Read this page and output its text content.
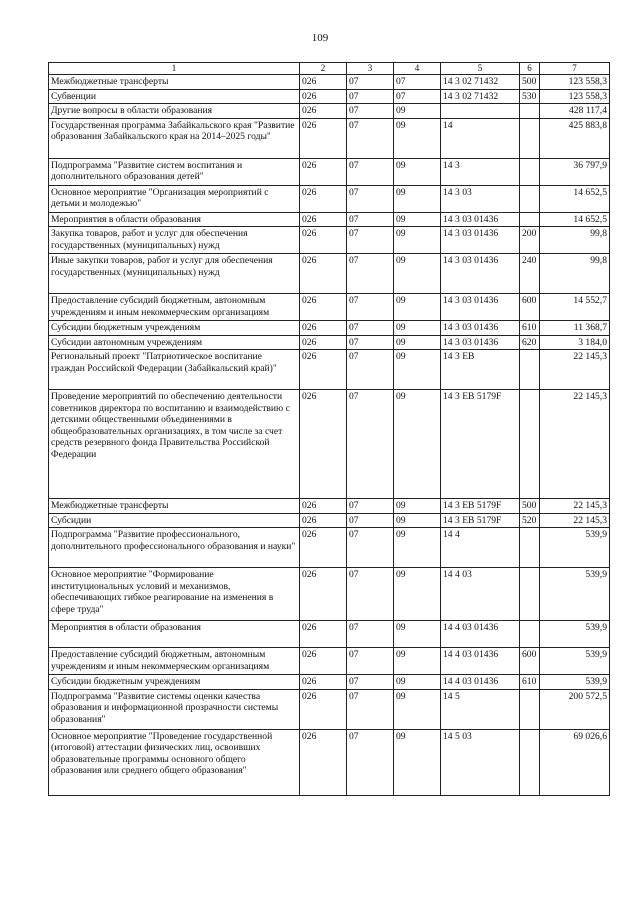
109
1	2	3	4	5	6	7
Межбюджетные трансферты	026	07	07	14 3 02 71432	500	123 558,3
Субвенции	026	07	07	14 3 02 71432	530	123 558,3
Другие вопросы в области образования	026	07	09			428 117,4
Государственная программа Забайкальского края "Развитие образования Забайкальского края на 2014–2025 годы"	026	07	09	14		425 883,8
Подпрограмма "Развитие систем воспитания и дополнительного образования детей"	026	07	09	14 3		36 797,9
Основное мероприятие "Организация мероприятий с детьми и молодежью"	026	07	09	14 3 03		14 652,5
Мероприятия в области образования	026	07	09	14 3 03 01436		14 652,5
Закупка товаров, работ и услуг для обеспечения государственных (муниципальных) нужд	026	07	09	14 3 03 01436	200	99,8
Иные закупки товаров, работ и услуг для обеспечения государственных (муниципальных) нужд	026	07	09	14 3 03 01436	240	99,8
Предоставление субсидий бюджетным, автономным учреждениям и иным некоммерческим организациям	026	07	09	14 3 03 01436	600	14 552,7
Субсидии бюджетным учреждениям	026	07	09	14 3 03 01436	610	11 368,7
Субсидии автономным учреждениям	026	07	09	14 3 03 01436	620	3 184,0
Региональный проект "Патриотическое воспитание граждан Российской Федерации (Забайкальский край)"	026	07	09	14 3 EB		22 145,3
Проведение мероприятий по обеспечению деятельности советников директора по воспитанию и взаимодействию с детскими общественными объединениями в общеобразовательных организациях, в том числе за счет средств резервного фонда Правительства Российской Федерации	026	07	09	14 3 EB 5179F		22 145,3
Межбюджетные трансферты	026	07	09	14 3 EB 5179F	500	22 145,3
Субсидии	026	07	09	14 3 EB 5179F	520	22 145,3
Подпрограмма "Развитие профессионального, дополнительного профессионального образования и науки"	026	07	09	14 4		539,9
Основное мероприятие "Формирование институциональных условий и механизмов, обеспечивающих гибкое реагирование на изменения в сфере труда"	026	07	09	14 4 03		539,9
Мероприятия в области образования	026	07	09	14 4 03 01436		539,9
Предоставление субсидий бюджетным, автономным учреждениям и иным некоммерческим организациям	026	07	09	14 4 03 01436	600	539,9
Субсидии бюджетным учреждениям	026	07	09	14 4 03 01436	610	539,9
Подпрограмма "Развитие системы оценки качества образования и информационной прозрачности системы образования"	026	07	09	14 5		200 572,5
Основное мероприятие "Проведение государственной (итоговой) аттестации физических лиц, освоивших образовательные программы основного общего образования или среднего общего образования"	026	07	09	14 5 03		69 026,6
